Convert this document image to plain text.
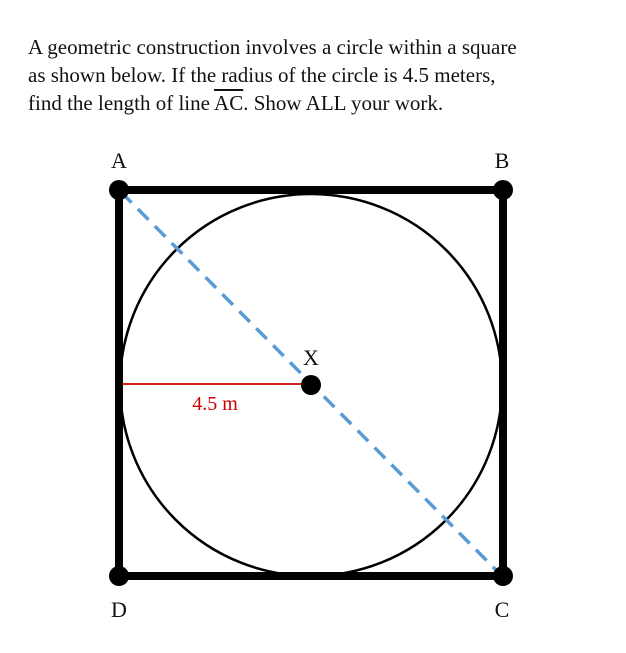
A geometric construction involves a circle within a square
as shown below. If the radius of the circle is 4.5 meters,
find the length of line $\overline{AC}$. Show ALL your work.

A	B
C
D
X
4.5 m
